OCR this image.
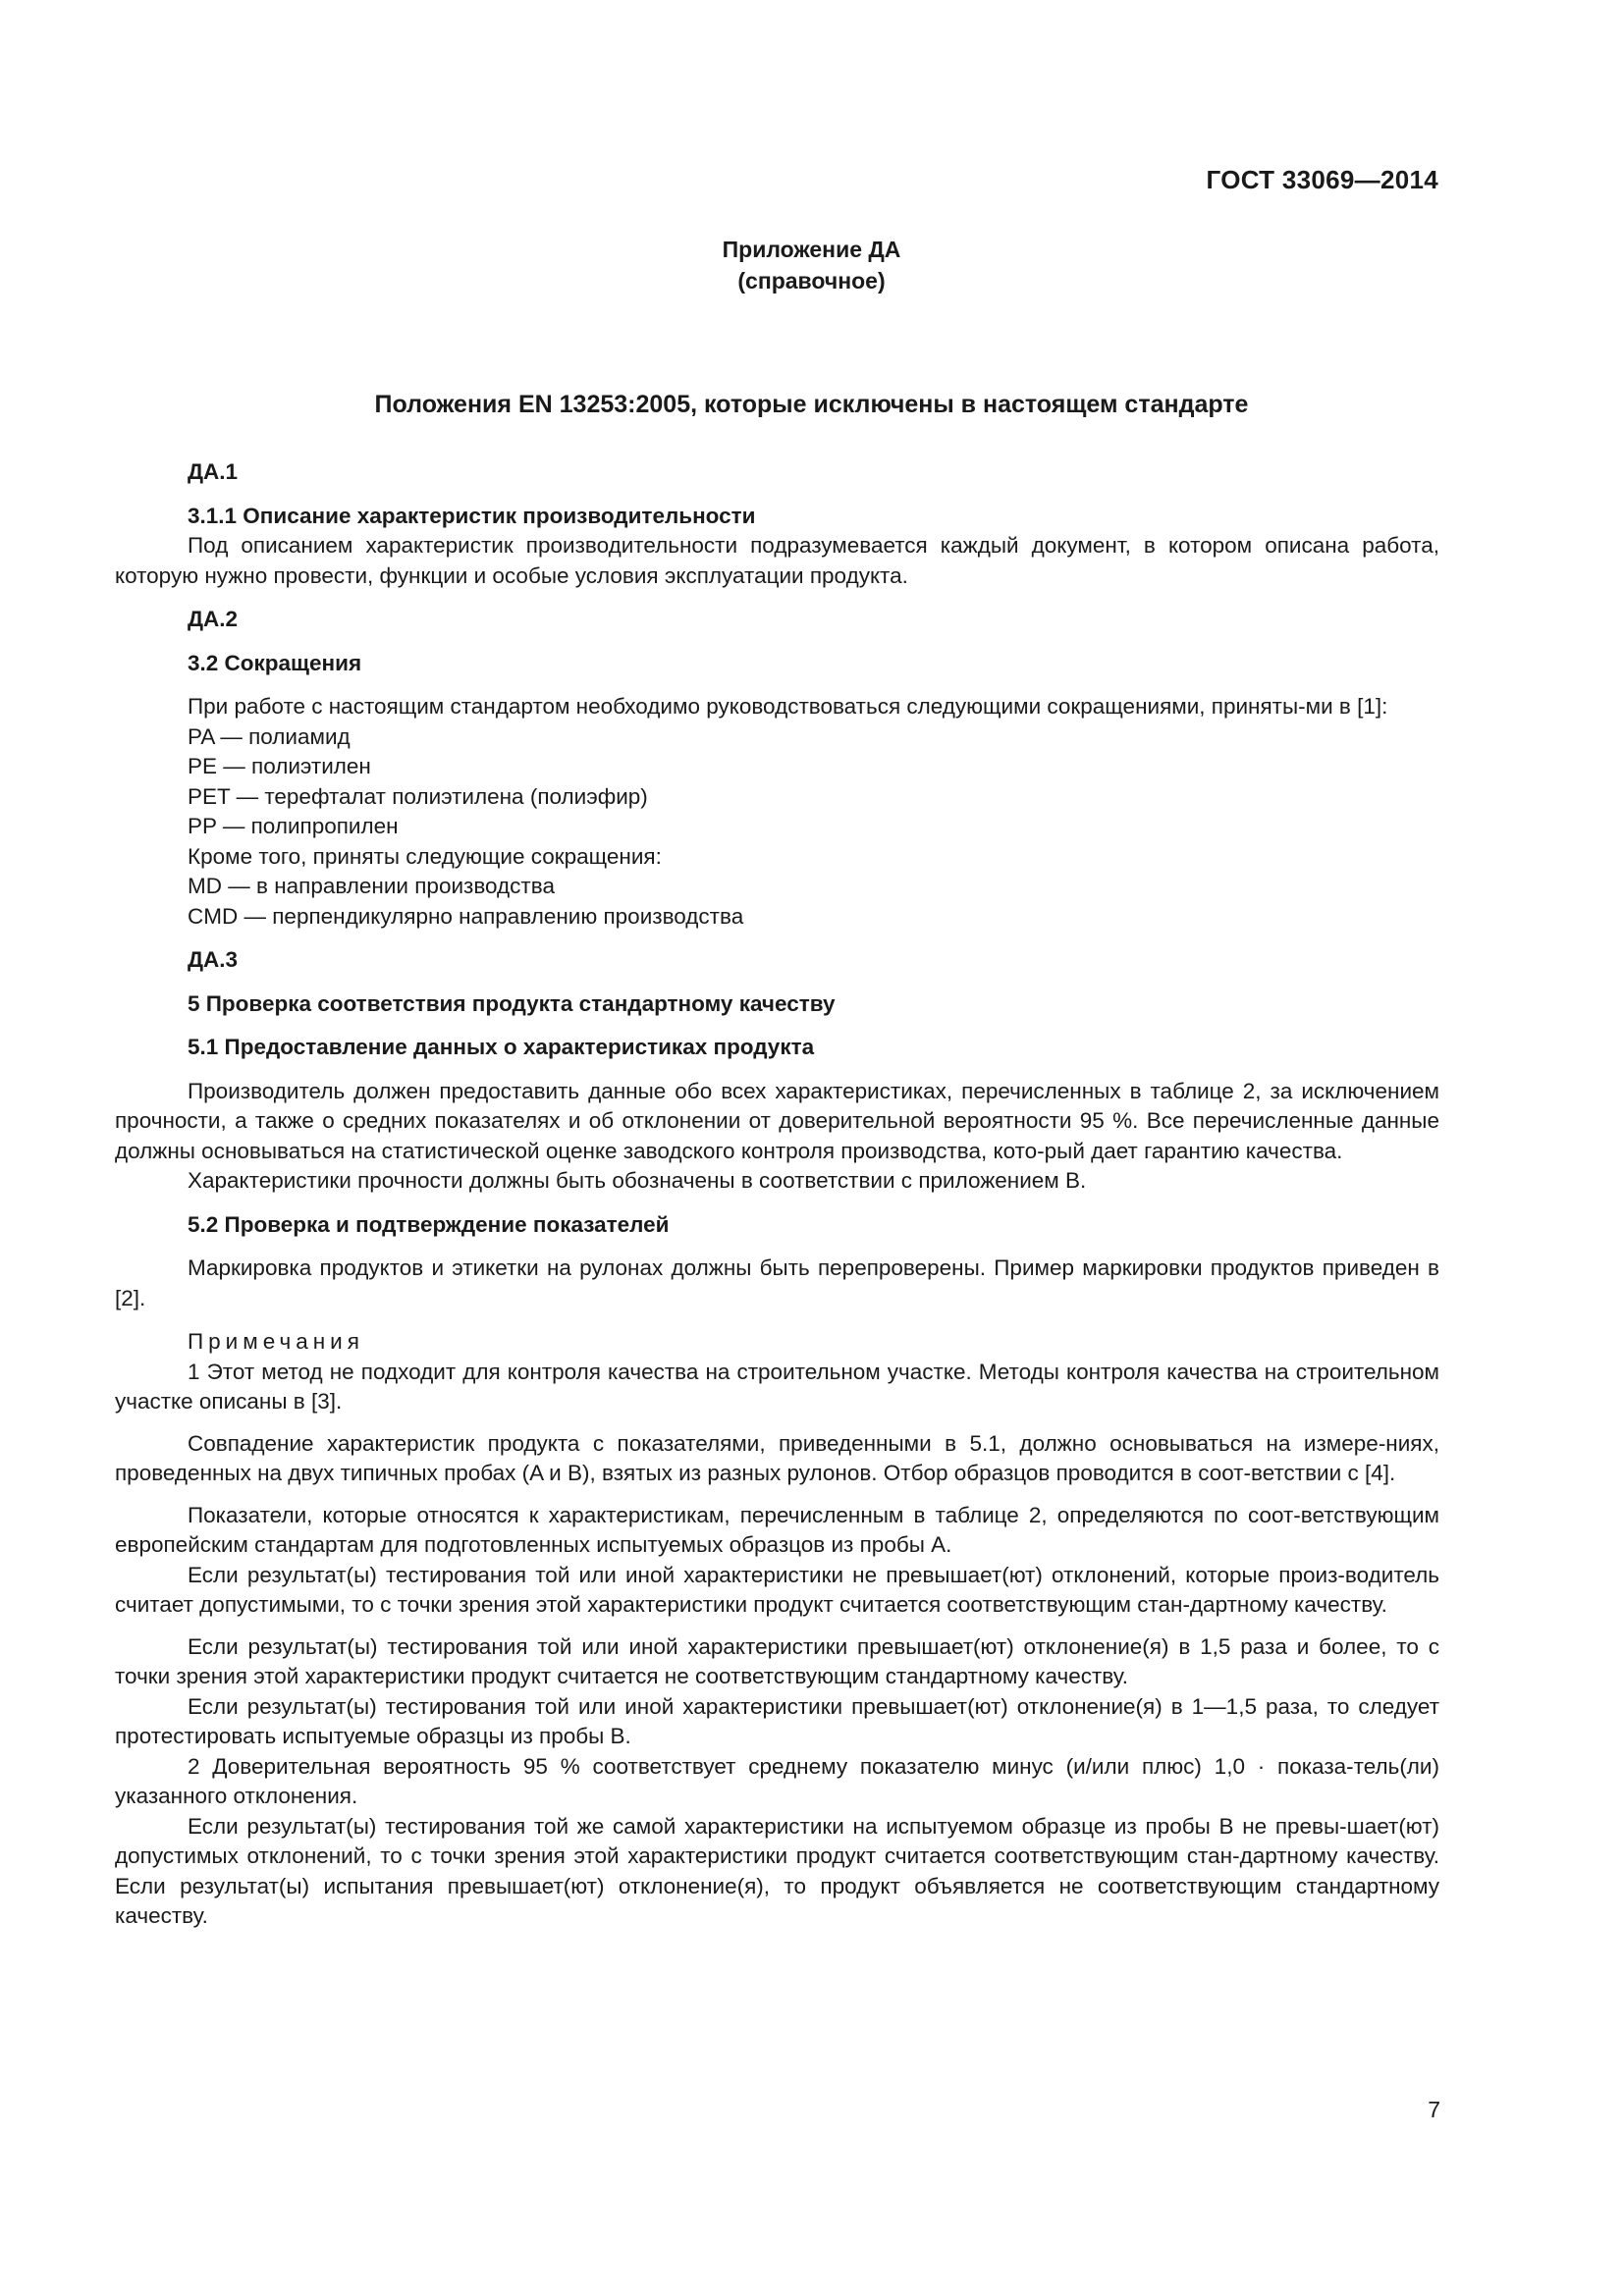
ГОСТ 33069—2014
Приложение ДА
(справочное)
Положения EN 13253:2005, которые исключены в настоящем стандарте

ДА.1

3.1.1 Описание характеристик производительности

Под описанием характеристик производительности подразумевается каждый документ, в котором описана работа, которую нужно провести, функции и особые условия эксплуатации продукта.

ДА.2

3.2 Сокращения

При работе с настоящим стандартом необходимо руководствоваться следующими сокращениями, приняты-ми в [1]:

PA — полиамид

PE — полиэтилен

PET — терефталат полиэтилена (полиэфир)

PP — полипропилен

Кроме того, приняты следующие сокращения:

MD — в направлении производства

CMD — перпендикулярно направлению производства

ДА.3

5 Проверка соответствия продукта стандартному качеству

5.1 Предоставление данных о характеристиках продукта

Производитель должен предоставить данные обо всех характеристиках, перечисленных в таблице 2, за исключением прочности, а также о средних показателях и об отклонении от доверительной вероятности 95 %. Все перечисленные данные должны основываться на статистической оценке заводского контроля производства, кото-рый дает гарантию качества.

Характеристики прочности должны быть обозначены в соответствии с приложением B.

5.2 Проверка и подтверждение показателей

Маркировка продуктов и этикетки на рулонах должны быть перепроверены. Пример маркировки продуктов приведен в [2].

Примечания

1 Этот метод не подходит для контроля качества на строительном участке. Методы контроля качества на строительном участке описаны в [3].

Совпадение характеристик продукта с показателями, приведенными в 5.1, должно основываться на измере-ниях, проведенных на двух типичных пробах (A и B), взятых из разных рулонов. Отбор образцов проводится в соот-ветствии с [4].

Показатели, которые относятся к характеристикам, перечисленным в таблице 2, определяются по соот-ветствующим европейским стандартам для подготовленных испытуемых образцов из пробы A.

Если результат(ы) тестирования той или иной характеристики не превышает(ют) отклонений, которые произ-водитель считает допустимыми, то с точки зрения этой характеристики продукт считается соответствующим стан-дартному качеству.

Если результат(ы) тестирования той или иной характеристики превышает(ют) отклонение(я) в 1,5 раза и более, то с точки зрения этой характеристики продукт считается не соответствующим стандартному качеству.

Если результат(ы) тестирования той или иной характеристики превышает(ют) отклонение(я) в 1—1,5 раза, то следует протестировать испытуемые образцы из пробы B.

2 Доверительная вероятность 95 % соответствует среднему показателю минус (и/или плюс) 1,0 · показа-тель(ли) указанного отклонения.

Если результат(ы) тестирования той же самой характеристики на испытуемом образце из пробы B не превы-шает(ют) допустимых отклонений, то с точки зрения этой характеристики продукт считается соответствующим стан-дартному качеству. Если результат(ы) испытания превышает(ют) отклонение(я), то продукт объявляется не соответствующим стандартному качеству.

7
